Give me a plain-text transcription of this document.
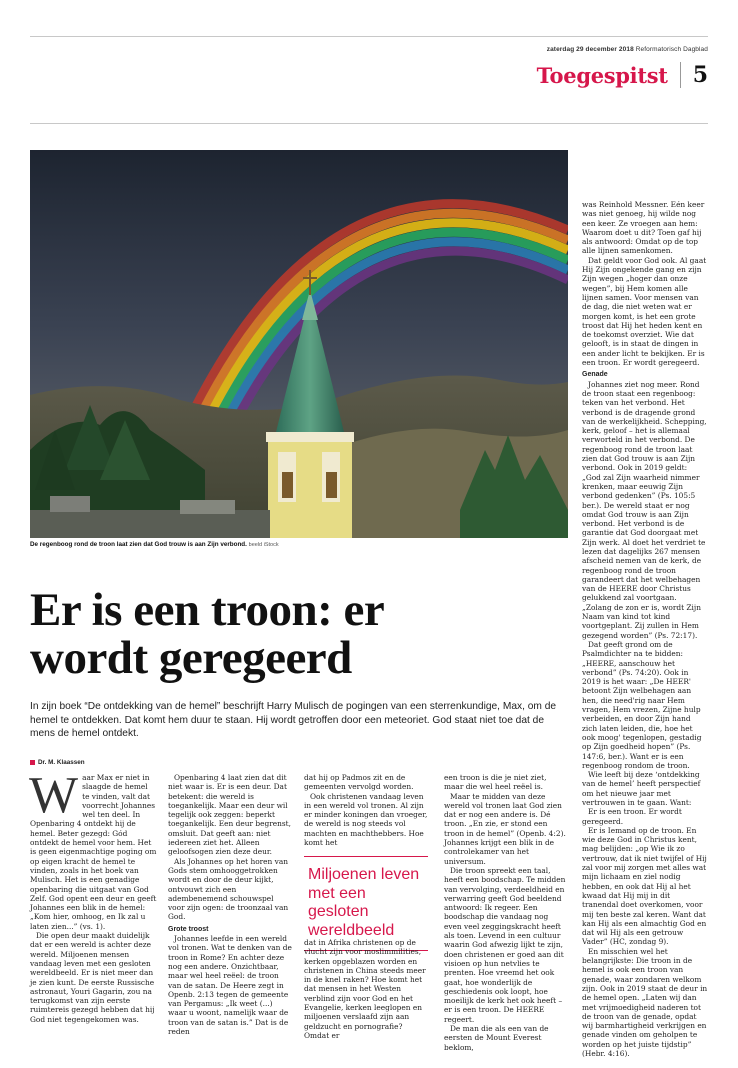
zaterdag 29 december 2018 Reformatorisch Dagblad
Toegespitst 5
De regenboog rond de troon laat zien dat God trouw is aan Zijn verbond. beeld iStock
Er is een troon: er
wordt geregeerd

In zijn boek “De ontdekking van de hemel” beschrijft Harry Mulisch de pogingen van een sterrenkundige, Max, om de hemel te ontdekken. Dat komt hem duur te staan. Hij wordt getroffen door een meteoriet. God staat niet toe dat de mens de hemel ontdekt.

Dr. M. Klaassen
W aar Max er niet in slaagde de hemel te vinden, valt dat voorrecht Johannes wel ten deel. In Openbaring 4 ontdekt hij de hemel. Beter gezegd: Gód ontdekt de hemel voor hem. Het is geen eigenmachtige poging om op eigen kracht de hemel te vinden, zoals in het boek van Mulisch. Het is een genadige openbaring die uitgaat van God Zelf. God opent een deur en geeft Johannes een blik in de hemel: „Kom hier, omhoog, en Ik zal u laten zien...” (vs. 1).

Die open deur maakt duidelijk dat er een wereld is achter deze wereld. Miljoenen mensen vandaag leven met een gesloten wereldbeeld. Er is niet meer dan je zien kunt. De eerste Russische astronaut, Youri Gagarin, zou na terugkomst van zijn eerste ruimtereis gezegd hebben dat hij God niet tegengekomen was.

Openbaring 4 laat zien dat dit niet waar is. Er is een deur. Dat betekent: die wereld is toegankelijk. Maar een deur wil tegelijk ook zeggen: beperkt toegankelijk. Een deur begrenst, omsluit. Dat geeft aan: niet iedereen ziet het. Alleen geloofsogen zien deze deur.

Als Johannes op het horen van Gods stem omhooggetrokken wordt en door de deur kijkt, ontvouwt zich een adembenemend schouwspel voor zijn ogen: de troonzaal van God.

Grote troost

Johannes leefde in een wereld vol tronen. Wat te denken van de troon in Rome? En achter deze nog een andere. Onzichtbaar, maar wel heel reëel: de troon van de satan. De Heere zegt in Openb. 2:13 tegen de gemeente van Pergamus: „Ik weet (...) waar u woont, namelijk waar de troon van de satan is.” Dat is de reden

dat hij op Padmos zit en de gemeenten vervolgd worden.

Ook christenen vandaag leven in een wereld vol tronen. Al zijn er minder koningen dan vroeger, de wereld is nog steeds vol machten en machthebbers. Hoe komt het

Miljoenen leven met een gesloten wereldbeeld

dat in Afrika christenen op de vlucht zijn voor moslimmilities, kerken opgeblazen worden en christenen in China steeds meer in de knel raken? Hoe komt het dat mensen in het Westen verblind zijn voor God en het Evangelie, kerken leeglopen en miljoenen verslaafd zijn aan geldzucht en pornografie? Omdat er

een troon is die je niet ziet, maar die wel heel reëel is.

Maar te midden van deze wereld vol tronen laat God zien dat er nog een andere is. Dé troon. „En zie, er stond een troon in de hemel” (Openb. 4:2). Johannes krijgt een blik in de controlekamer van het universum.

Die troon spreekt een taal, heeft een boodschap. Te midden van vervolging, verdeeldheid en verwarring geeft God beeldend antwoord: Ik regeer. Een boodschap die vandaag nog even veel zeggingskracht heeft als toen. Levend in een cultuur waarin God afwezig lijkt te zijn, doen christenen er goed aan dit visioen op hun netvlies te prenten. Hoe vreemd het ook gaat, hoe wonderlijk de geschiedenis ook loopt, hoe moeilijk de kerk het ook heeft – er is een troon. De HEERE regeert.

De man die als een van de eersten de Mount Everest beklom,

was Reinhold Messner. Eén keer was niet genoeg, hij wilde nog een keer. Ze vroegen aan hem: Waarom doet u dit? Toen gaf hij als antwoord: Omdat op de top alle lijnen samenkomen.

Dat geldt voor God ook. Al gaat Hij Zijn ongekende gang en zijn Zijn wegen „hoger dan onze wegen”, bij Hem komen alle lijnen samen. Voor mensen van de dag, die niet weten wat er morgen komt, is het een grote troost dat Hij het heden kent en de toekomst overziet. Wie dat gelooft, is in staat de dingen in een ander licht te bekijken. Er is een troon. Er wordt geregeerd.

Genade

Johannes ziet nog meer. Rond de troon staat een regenboog: teken van het verbond. Het verbond is de dragende grond van de werkelijkheid. Schepping, kerk, geloof – het is allemaal verworteld in het verbond. De regenboog rond de troon laat zien dat God trouw is aan Zijn verbond. Ook in 2019 geldt: „God zal Zijn waarheid nimmer krenken, maar eeuwig Zijn verbond gedenken” (Ps. 105:5 ber.). De wereld staat er nog omdat God trouw is aan Zijn verbond. Het verbond is de garantie dat God doorgaat met Zijn werk. Al doet het verdriet te lezen dat dagelijks 267 mensen afscheid nemen van de kerk, de regenboog rond de troon garandeert dat het welbehagen van de HEERE door Christus gelukkend zal voortgaan. „Zolang de zon er is, wordt Zijn Naam van kind tot kind voortgeplant. Zij zullen in Hem gezegend worden” (Ps. 72:17).

Dat geeft grond om de Psalmdichter na te bidden: „HEERE, aanschouw het verbond” (Ps. 74:20). Ook in 2019 is het waar: „De HEER' betoont Zijn welbehagen aan hen, die need'rig naar Hem vragen, Hem vrezen, Zijne hulp verbeiden, en door Zijn hand zich laten leiden, die, hoe het ook moog' tegenlopen, gestadig op Zijn goedheid hopen” (Ps. 147:6, ber.). Want er is een regenboog rondom de troon.

Wie leeft bij deze ‘ontdekking van de hemel’ heeft perspectief om het nieuwe jaar met vertrouwen in te gaan. Want:

Er is een troon. Er wordt geregeerd.

Er is Iemand op de troon. En wie deze God in Christus kent, mag belijden: „op Wie ik zo vertrouw, dat ik niet twijfel of Hij zal voor mij zorgen met alles wat mijn lichaam en ziel nodig hebben, en ook dat Hij al het kwaad dat Hij mij in dit tranendal doet overkomen, voor mij ten beste zal keren. Want dat kan Hij als een almachtig God en dat wil Hij als een getrouw Vader” (HC, zondag 9).

En misschien wel het belangrijkste: Die troon in de hemel is ook een troon van genade, waar zondaren welkom zijn. Ook in 2019 staat de deur in de hemel open. „Laten wij dan met vrijmoedigheid naderen tot de troon van de genade, opdat wij barmhartigheid verkrijgen en genade vinden om geholpen te worden op het juiste tijdstip” (Hebr. 4:16).
